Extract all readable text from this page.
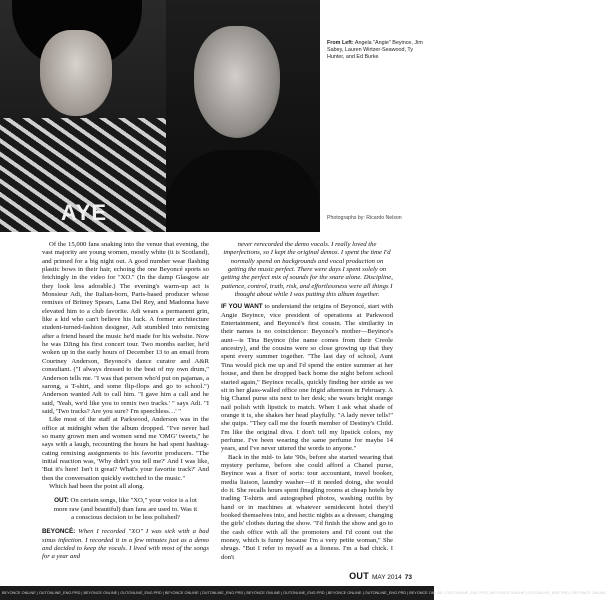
AYE
From Left: Angela "Angie" Beyince, Jim Sabey, Lauren Wirtzer-Seawood, Ty Hunter, and Ed Burke
Photographs by: Ricardo Nelson

Of the 15,000 fans snaking into the venue that evening, the vast majority are young women, mostly white (it is Scotland), and primed for a big night out. A good number wear flashing plastic bows in their hair, echoing the one Beyoncé sports so fetchingly in the video for "XO." (In the damp Glasgow air they look less adorable.) The evening's warm-up act is Monsieur Adi, the Italian-born, Paris-based producer whose remixes of Britney Spears, Lana Del Rey, and Madonna have elevated him to a club favorite. Adi wears a permanent grin, like a kid who can't believe his luck. A former architecture student-turned-fashion designer, Adi stumbled into remixing after a friend heard the music he'd made for his website. Now he was DJing his first concert tour. Two months earlier, he'd woken up in the early hours of December 13 to an email from Courtney Anderson, Beyoncé's dance curator and A&R consultant. ("I always dressed to the beat of my own drum," Anderson tells me. "I was that person who'd put on pajamas, a sarong, a T-shirt, and some flip-flops and go to school.") Anderson wanted Adi to call him. "I gave him a call and he said, 'Yeah, we'd like you to remix two tracks.' " says Adi. "I said, 'Two tracks? Are you sure? I'm speechless…' "

Like most of the staff at Parkwood, Anderson was in the office at midnight when the album dropped. "I've never had so many grown men and women send me 'OMG' tweets," he says with a laugh, recounting the hours he had spent hashtag-cating remixing assignments to his favorite producers. "The initial reaction was, 'Why didn't you tell me?' And I was like, 'But it's here! Isn't it great? What's your favorite track?' And then the conversation quickly switched to the music."

Which had been the point all along.

OUT: On certain songs, like "XO," your voice is a lot more raw (and beautiful) than fans are used to. Was it a conscious decision to be less polished?

BEYONCÉ: When I recorded "XO" I was sick with a bad sinus infection. I recorded it in a few minutes just as a demo and decided to keep the vocals. I lived with most of the songs for a year and

never rerecorded the demo vocals. I really loved the imperfections, so I kept the original demos. I spent the time I'd normally spend on backgrounds and vocal production on getting the music perfect. There were days I spent solely on getting the perfect mix of sounds for the snare alone. Discipline, patience, control, truth, risk, and effortlessness were all things I thought about while I was putting this album together.

IF YOU WANT to understand the origins of Beyoncé, start with Angie Beyince, vice president of operations at Parkwood Entertainment, and Beyoncé's first cousin. The similarity in their names is no coincidence: Beyoncé's mother—Beyince's aunt—is Tina Beyince (the name comes from their Creole ancestry), and the cousins were so close growing up that they spent every summer together. "The last day of school, Aunt Tina would pick me up and I'd spend the entire summer at her house, and then be dropped back home the night before school started again," Beyince recalls, quickly finding her stride as we sit in her glass-walled office one frigid afternoon in February. A big Chanel purse sits next to her desk; she wears bright orange nail polish with lipstick to match. When I ask what shade of orange it is, she shakes her head playfully. "A lady never tells!" she quips. "They call me the fourth member of Destiny's Child. I'm like the original diva. I don't tell my lipstick colors, my perfume. I've been wearing the same perfume for maybe 14 years, and I've never uttered the words to anyone."

Back in the mid- to late '90s, before she started wearing that mystery perfume, before she could afford a Chanel purse, Beyince was a fixer of sorts: tour accountant, travel booker, media liaison, laundry washer—if it needed doing, she would do it. She recalls hours spent finagling rooms at cheap hotels by trading T-shirts and autographed photos, washing outfits by hand or in machines at whatever semidecent hotel they'd booked themselves into, and hectic nights as a dresser, changing the girls' clothes during the show. "I'd finish the show and go to the cash office with all the promoters and I'd count out the money, which is funny because I'm a very petite woman," She shrugs. "But I refer to myself as a lioness. I'm a bad chick. I don't

OUT MAY 2014 73
BEYONCE ONLINE | OUTONLINE_ENG.PRD | BEYONCE ONLINE | OUTONLINE_ENG.PRD | BEYONCE ONLINE | OUTONLINE_ENG.PRD | BEYONCE ONLINE | OUTONLINE_ENG.PRD | BEYONCE ONLINE | OUTONLINE_ENG.PRD | BEYONCE ONLINE | OUTONLINE_ENG.PRD | BEYONCE ONLINE | OUTONLINE_ENG.PRD | BEYONCE ONLINE
